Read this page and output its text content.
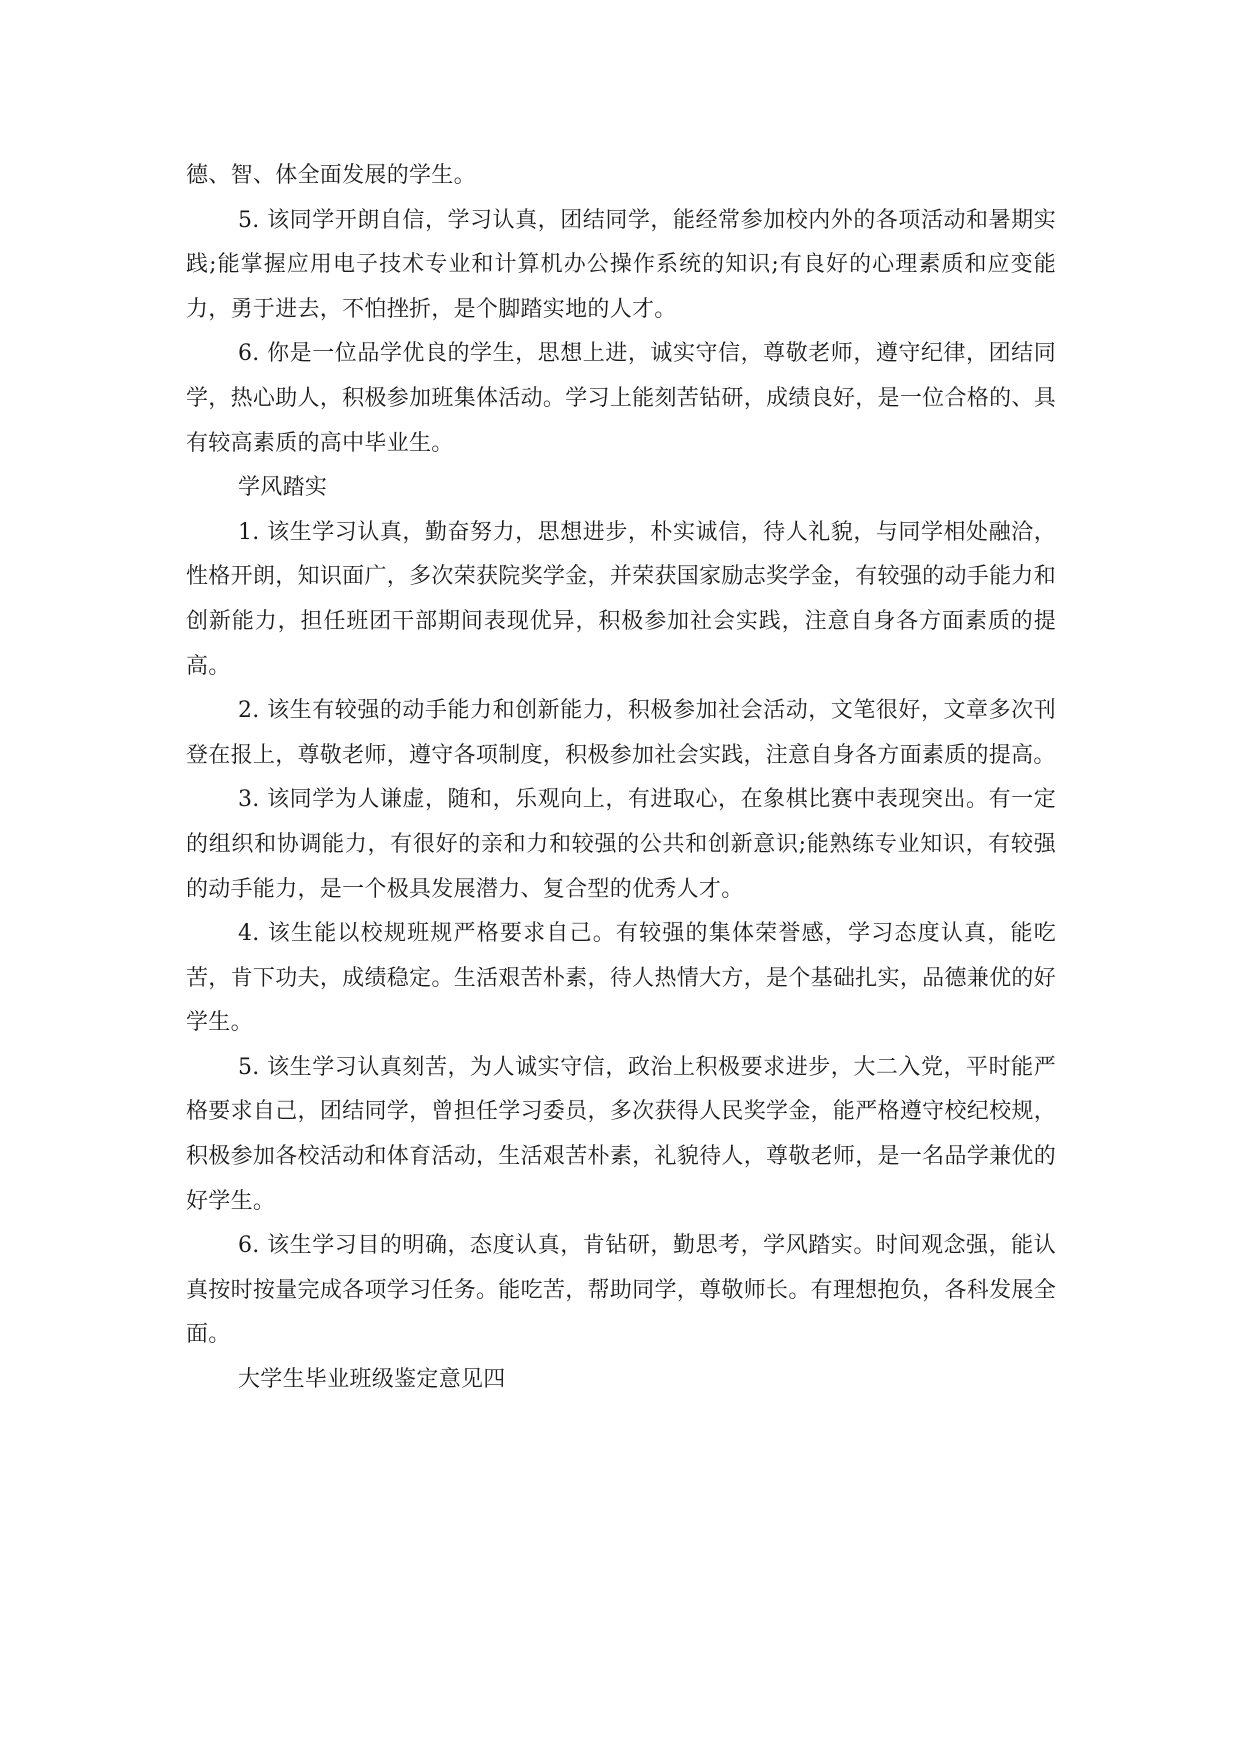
德、智、体全面发展的学生。

5. 该同学开朗自信，学习认真，团结同学，能经常参加校内外的各项活动和暑期实践;能掌握应用电子技术专业和计算机办公操作系统的知识;有良好的心理素质和应变能力，勇于进去，不怕挫折，是个脚踏实地的人才。

6. 你是一位品学优良的学生，思想上进，诚实守信，尊敬老师，遵守纪律，团结同学，热心助人，积极参加班集体活动。学习上能刻苦钻研，成绩良好，是一位合格的、具有较高素质的高中毕业生。

学风踏实

1. 该生学习认真，勤奋努力，思想进步，朴实诚信，待人礼貌，与同学相处融洽，性格开朗，知识面广，多次荣获院奖学金，并荣获国家励志奖学金，有较强的动手能力和创新能力，担任班团干部期间表现优异，积极参加社会实践，注意自身各方面素质的提高。

2. 该生有较强的动手能力和创新能力，积极参加社会活动，文笔很好，文章多次刊登在报上，尊敬老师，遵守各项制度，积极参加社会实践，注意自身各方面素质的提高。

3. 该同学为人谦虚，随和，乐观向上，有进取心，在象棋比赛中表现突出。有一定的组织和协调能力，有很好的亲和力和较强的公共和创新意识;能熟练专业知识，有较强的动手能力，是一个极具发展潜力、复合型的优秀人才。

4. 该生能以校规班规严格要求自己。有较强的集体荣誉感，学习态度认真，能吃苦，肯下功夫，成绩稳定。生活艰苦朴素，待人热情大方，是个基础扎实，品德兼优的好学生。

5. 该生学习认真刻苦，为人诚实守信，政治上积极要求进步，大二入党，平时能严格要求自己，团结同学，曾担任学习委员，多次获得人民奖学金，能严格遵守校纪校规，积极参加各校活动和体育活动，生活艰苦朴素，礼貌待人，尊敬老师，是一名品学兼优的好学生。

6. 该生学习目的明确，态度认真，肯钻研，勤思考，学风踏实。时间观念强，能认真按时按量完成各项学习任务。能吃苦，帮助同学，尊敬师长。有理想抱负，各科发展全面。

大学生毕业班级鉴定意见四
